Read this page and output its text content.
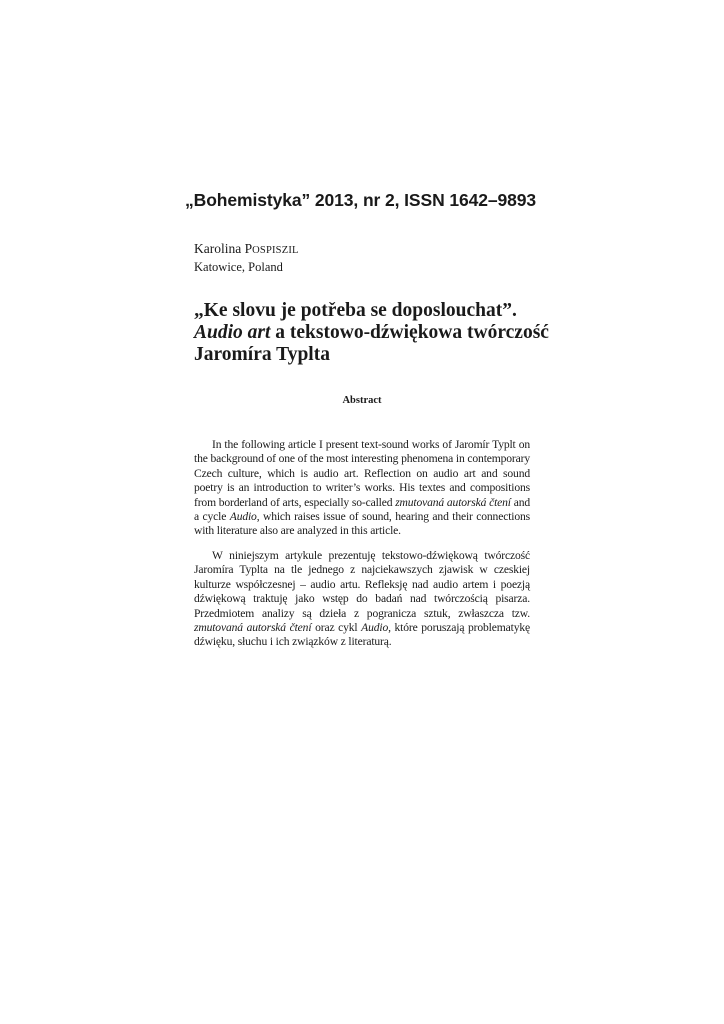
„Bohemistyka” 2013, nr 2, ISSN 1642–9893
Karolina POSPISZIL
Katowice, Poland
„Ke slovu je potřeba se doposlouchat”.
Audio art a tekstowo-dźwiękowa twórczość
Jaromíra Typlta
Abstract

In the following article I present text-sound works of Jaromír Typlt on the background of one of the most interesting phenomena in contemporary Czech culture, which is audio art. Reflection on audio art and sound poetry is an introduction to writer’s works. His textes and compositions from borderland of arts, especially so-called zmutovaná autorská čtení and a cycle Audio, which raises issue of sound, hearing and their connections with literature also are analyzed in this article.

W niniejszym artykule prezentuję tekstowo-dźwiękową twórczość Jaromíra Typlta na tle jednego z najciekawszych zjawisk w czeskiej kulturze współczesnej – audio artu. Refleksję nad audio artem i poezją dźwiękową traktuję jako wstęp do badań nad twórczością pisarza. Przedmiotem analizy są dzieła z pogranicza sztuk, zwłaszcza tzw. zmutovaná autorská čtení oraz cykl Audio, które poruszają problematykę dźwięku, słuchu i ich związków z literaturą.
